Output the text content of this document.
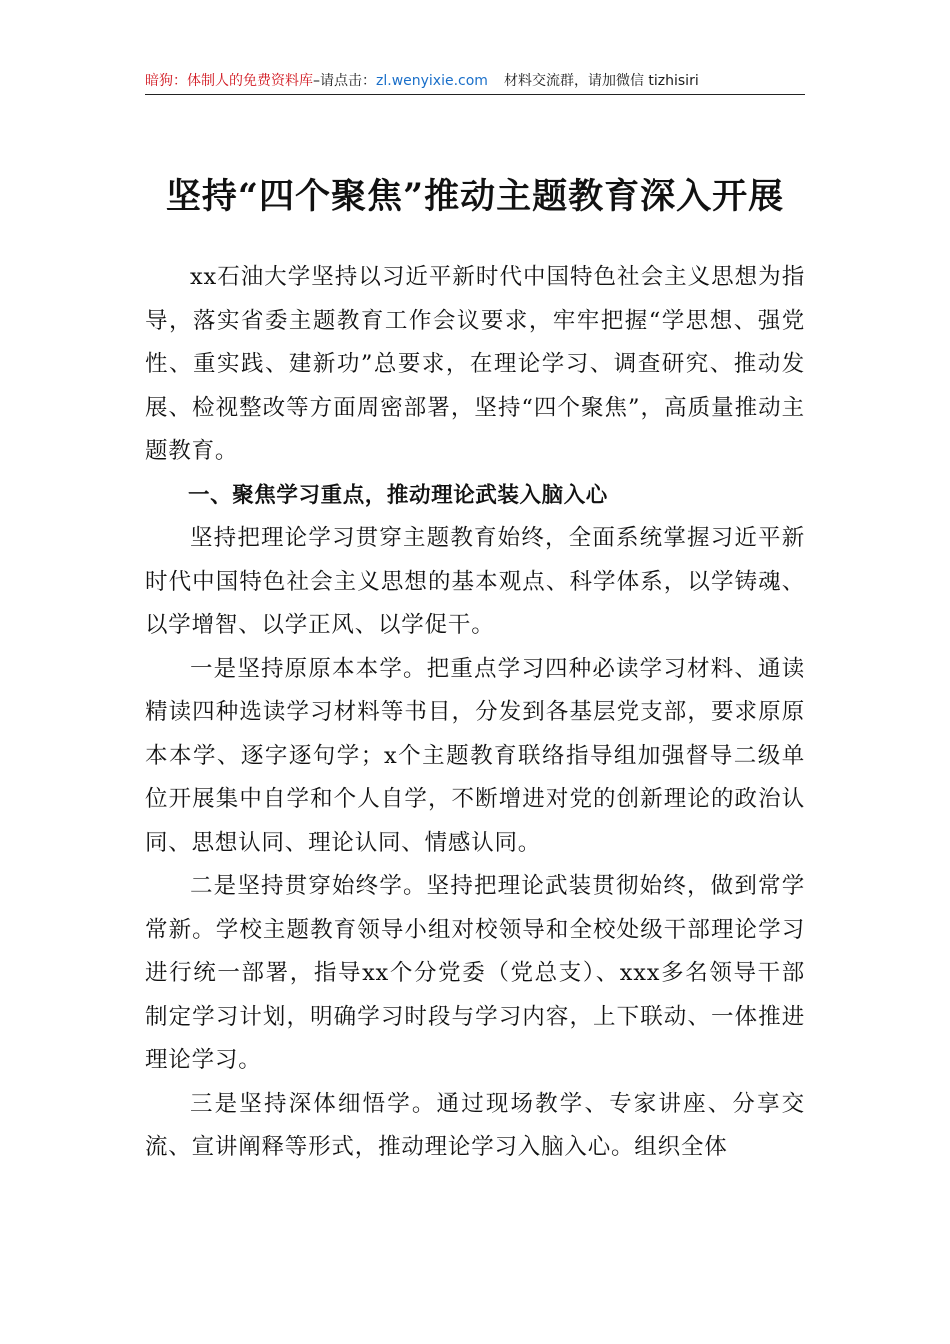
暗狗：体制人的免费资料库–请点击：zl.wenyixie.com 材料交流群，请加微信 tizhisiri
坚持“四个聚焦”推动主题教育深入开展

xx石油大学坚持以习近平新时代中国特色社会主义思想为指导，落实省委主题教育工作会议要求，牢牢把握“学思想、强党性、重实践、建新功”总要求，在理论学习、调查研究、推动发展、检视整改等方面周密部署，坚持“四个聚焦”，高质量推动主题教育。

一、聚焦学习重点，推动理论武装入脑入心

坚持把理论学习贯穿主题教育始终，全面系统掌握习近平新时代中国特色社会主义思想的基本观点、科学体系，以学铸魂、以学增智、以学正风、以学促干。

一是坚持原原本本学。把重点学习四种必读学习材料、通读精读四种选读学习材料等书目，分发到各基层党支部，要求原原本本学、逐字逐句学；x个主题教育联络指导组加强督导二级单位开展集中自学和个人自学，不断增进对党的创新理论的政治认同、思想认同、理论认同、情感认同。

二是坚持贯穿始终学。坚持把理论武装贯彻始终，做到常学常新。学校主题教育领导小组对校领导和全校处级干部理论学习进行统一部署，指导xx个分党委（党总支）、xxx多名领导干部制定学习计划，明确学习时段与学习内容，上下联动、一体推进理论学习。

三是坚持深体细悟学。通过现场教学、专家讲座、分享交流、宣讲阐释等形式，推动理论学习入脑入心。组织全体
